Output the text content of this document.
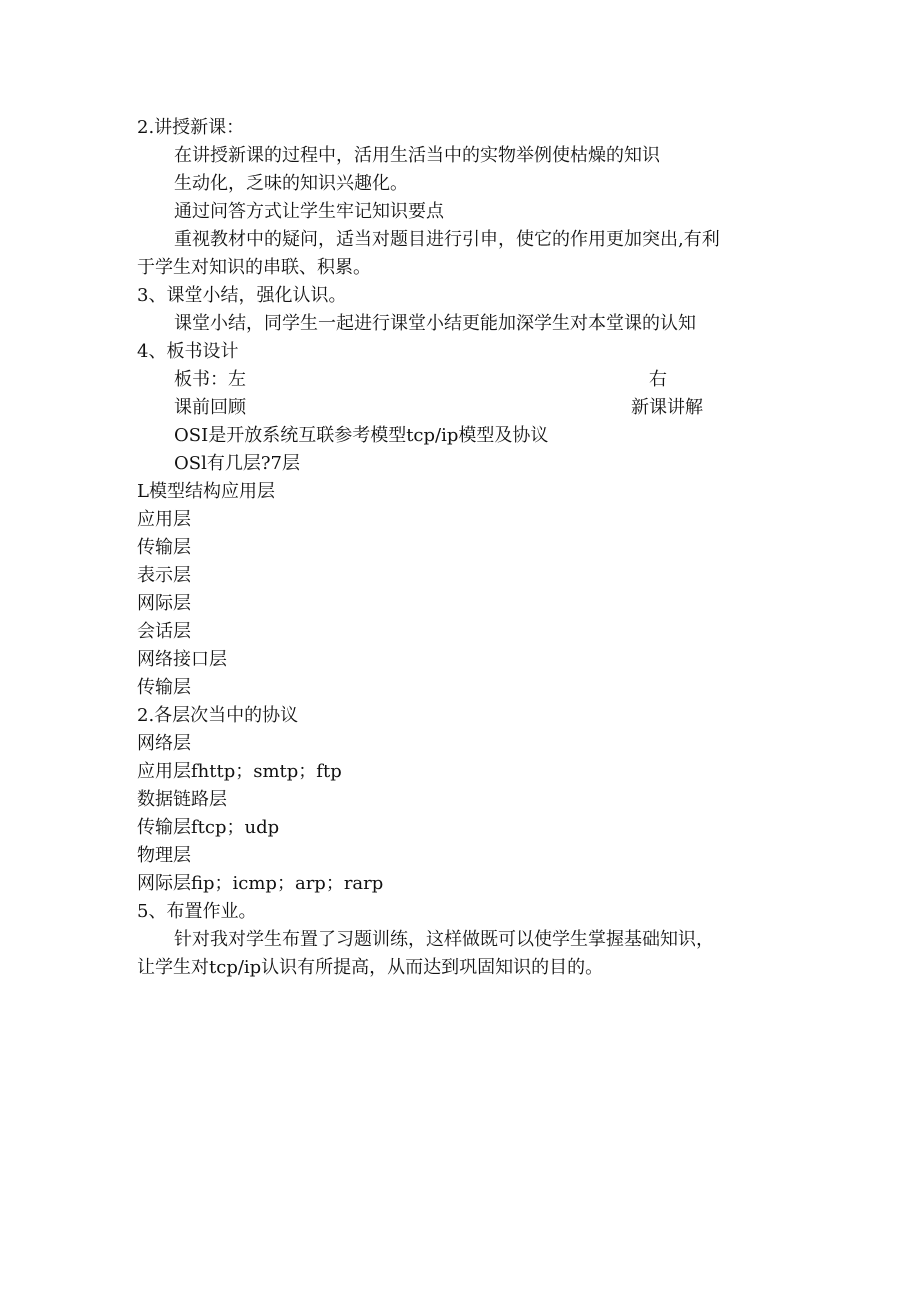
2.讲授新课：
在讲授新课的过程中，活用生活当中的实物举例使枯燥的知识
生动化，乏味的知识兴趣化。
通过问答方式让学生牢记知识要点
重视教材中的疑问，适当对题目进行引申，使它的作用更加突出,有利
于学生对知识的串联、积累。
3、课堂小结，强化认识。
课堂小结，同学生一起进行课堂小结更能加深学生对本堂课的认知
4、板书设计
板书：左	右
课前回顾	新课讲解
OSI是开放系统互联参考模型tcp/ip模型及协议
OSl有几层?7层
L模型结构应用层
应用层
传输层
表示层
网际层
会话层
网络接口层
传输层
2.各层次当中的协议
网络层
应用层fhttp；smtp；ftp
数据链路层
传输层ftcp；udp
物理层
网际层fip；icmp；arp；rarp
5、布置作业。
针对我对学生布置了习题训练，这样做既可以使学生掌握基础知识，
让学生对tcp/ip认识有所提高，从而达到巩固知识的目的。
